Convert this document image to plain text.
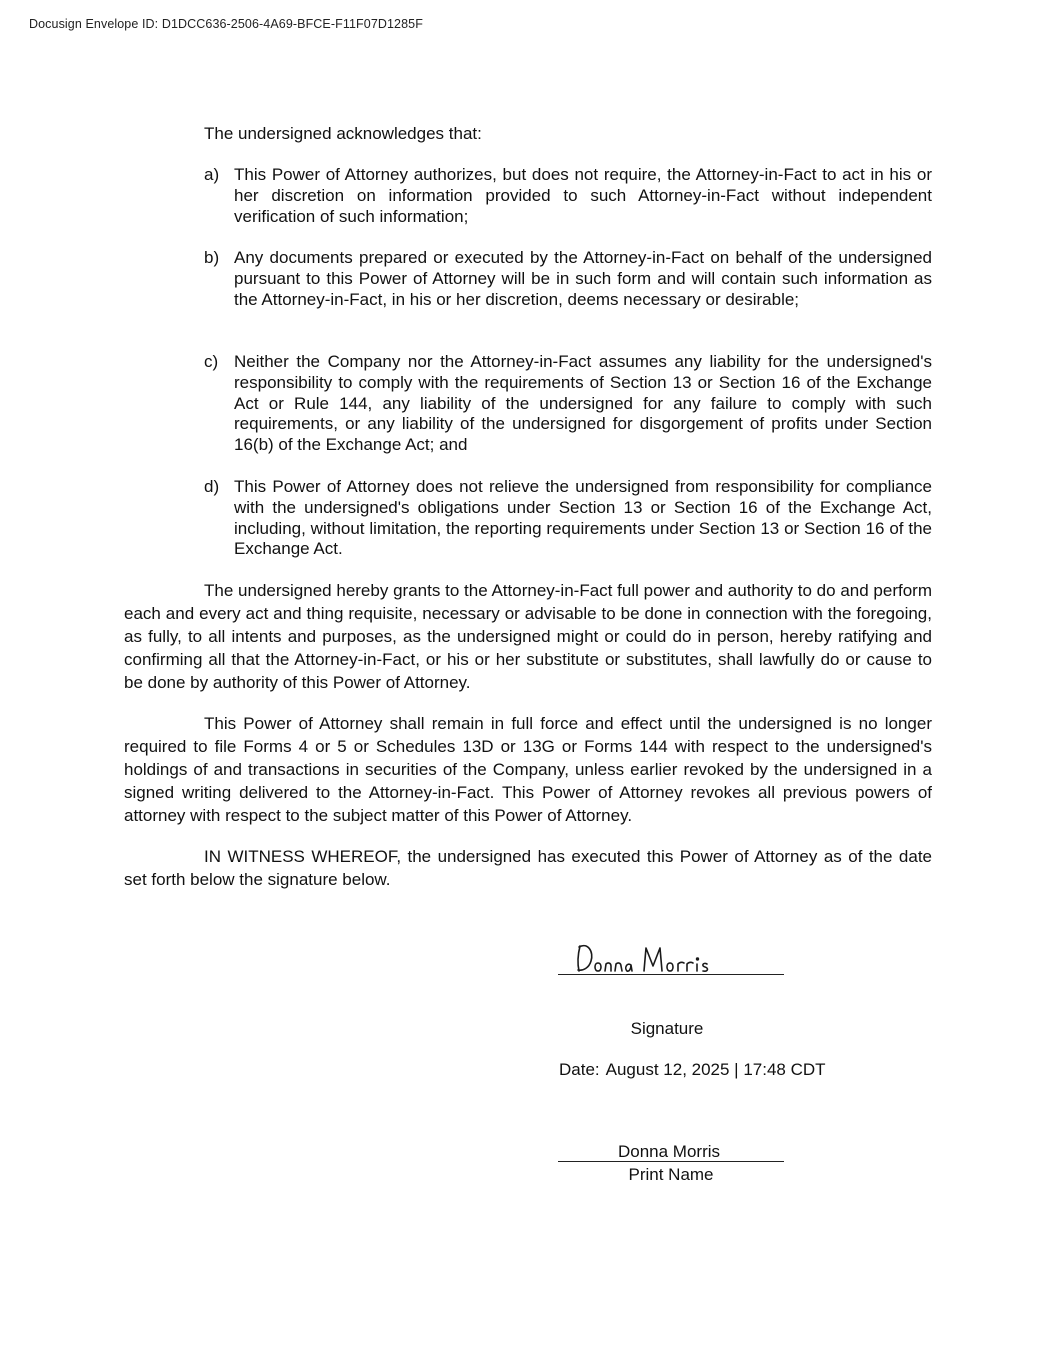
Docusign Envelope ID: D1DCC636-2506-4A69-BFCE-F11F07D1285F
The undersigned acknowledges that:
a) This Power of Attorney authorizes, but does not require, the Attorney-in-Fact to act in his or her discretion on information provided to such Attorney-in-Fact without independent verification of such information;
b) Any documents prepared or executed by the Attorney-in-Fact on behalf of the undersigned pursuant to this Power of Attorney will be in such form and will contain such information as the Attorney-in-Fact, in his or her discretion, deems necessary or desirable;
c) Neither the Company nor the Attorney-in-Fact assumes any liability for the undersigned's responsibility to comply with the requirements of Section 13 or Section 16 of the Exchange Act or Rule 144, any liability of the undersigned for any failure to comply with such requirements, or any liability of the undersigned for disgorgement of profits under Section 16(b) of the Exchange Act; and
d) This Power of Attorney does not relieve the undersigned from responsibility for compliance with the undersigned's obligations under Section 13 or Section 16 of the Exchange Act, including, without limitation, the reporting requirements under Section 13 or Section 16 of the Exchange Act.
The undersigned hereby grants to the Attorney-in-Fact full power and authority to do and perform each and every act and thing requisite, necessary or advisable to be done in connection with the foregoing, as fully, to all intents and purposes, as the undersigned might or could do in person, hereby ratifying and confirming all that the Attorney-in-Fact, or his or her substitute or substitutes, shall lawfully do or cause to be done by authority of this Power of Attorney.
This Power of Attorney shall remain in full force and effect until the undersigned is no longer required to file Forms 4 or 5 or Schedules 13D or 13G or Forms 144 with respect to the undersigned's holdings of and transactions in securities of the Company, unless earlier revoked by the undersigned in a signed writing delivered to the Attorney-in-Fact. This Power of Attorney revokes all previous powers of attorney with respect to the subject matter of this Power of Attorney.
IN WITNESS WHEREOF, the undersigned has executed this Power of Attorney as of the date set forth below the signature below.
Signature
Date: August 12, 2025 | 17:48 CDT
Donna Morris
Print Name
